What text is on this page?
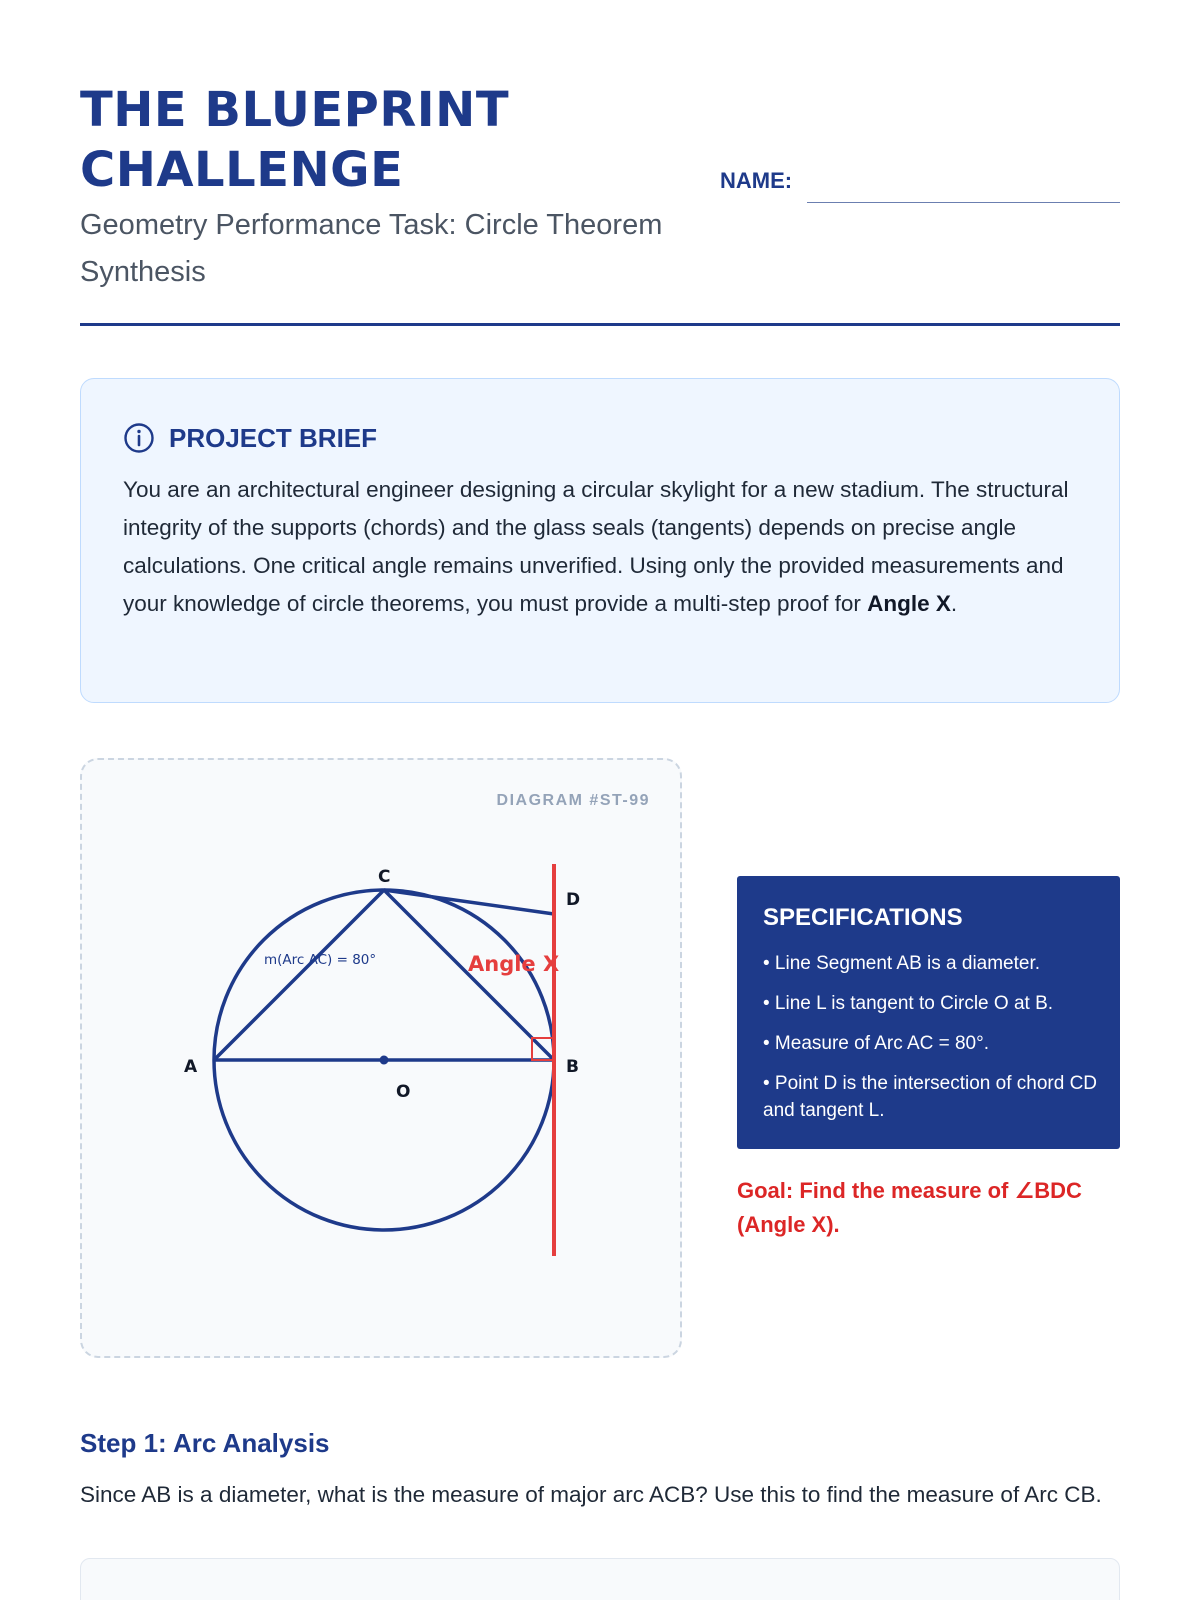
THE BLUEPRINT CHALLENGE
Geometry Performance Task: Circle Theorem Synthesis
NAME:
PROJECT BRIEF
You are an architectural engineer designing a circular skylight for a new stadium. The structural integrity of the supports (chords) and the glass seals (tangents) depends on precise angle calculations. One critical angle remains unverified. Using only the provided measurements and your knowledge of circle theorems, you must provide a multi-step proof for Angle X.
DIAGRAM #ST-99
C
D
A	B
O
m(Arc AC) = 80°	Angle X
SPECIFICATIONS
• Line Segment AB is a diameter.
• Line L is tangent to Circle O at B.
• Measure of Arc AC = 80°.
• Point D is the intersection of chord CD and tangent L.
Goal: Find the measure of ∠BDC (Angle X).
Step 1: Arc Analysis
Since AB is a diameter, what is the measure of major arc ACB? Use this to find the measure of Arc CB.
